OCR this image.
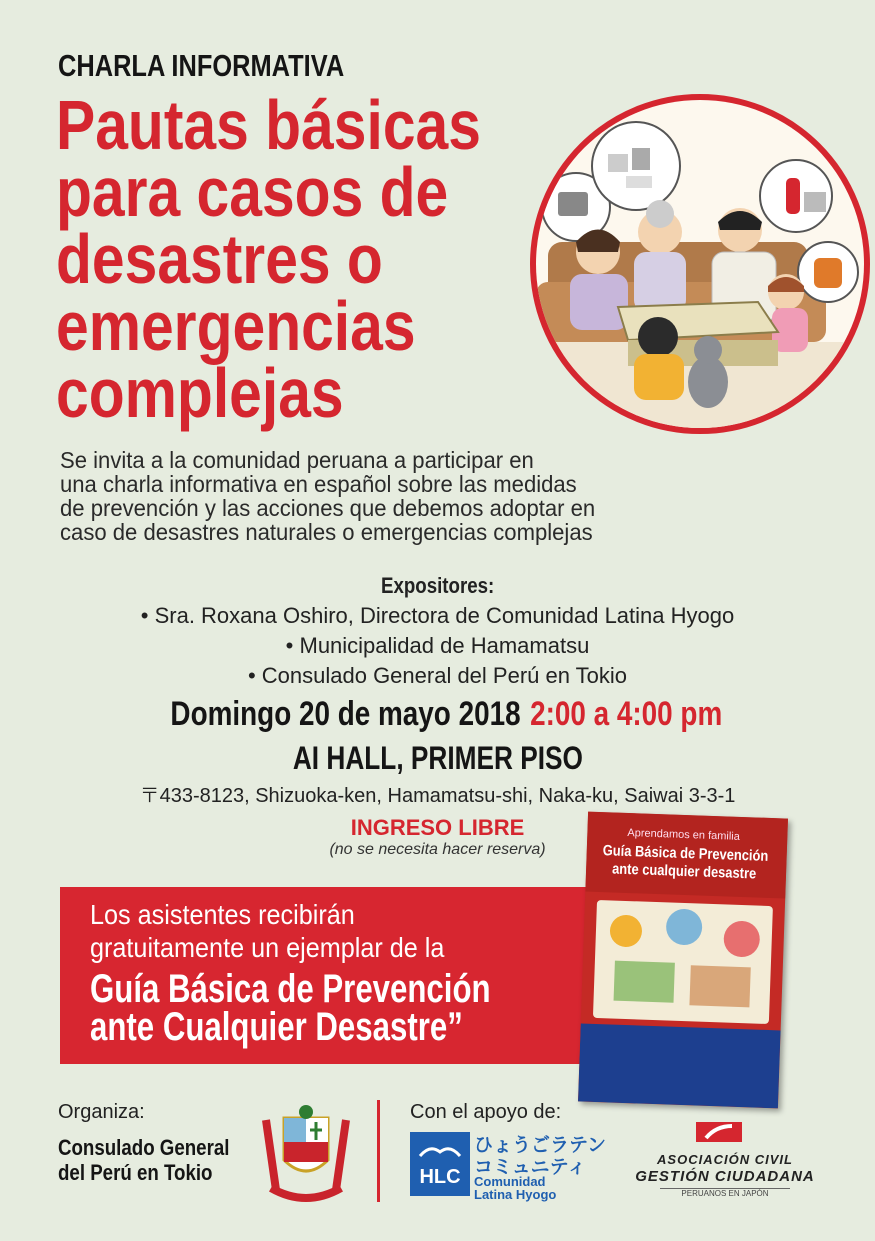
CHARLA INFORMATIVA
Pautas básicas
para casos de
desastres o
emergencias
complejas
Se invita a la comunidad peruana a participar en
una charla informativa en español sobre las medidas
de prevención y las acciones que debemos adoptar en
caso de desastres naturales o emergencias complejas
Expositores:
• Sra. Roxana Oshiro, Directora de Comunidad Latina Hyogo
• Municipalidad de Hamamatsu
• Consulado General del Perú en Tokio
Domingo 20 de mayo 2018 2:00 a 4:00 pm
AI HALL, PRIMER PISO
〒433-8123, Shizuoka-ken, Hamamatsu-shi, Naka-ku, Saiwai 3-3-1
INGRESO LIBRE
(no se necesita hacer reserva)
Los asistentes recibirán
gratuitamente un ejemplar de la
Guía Básica de Prevención
ante Cualquier Desastre”
Aprendamos en familia
Guía Básica de Prevención
ante cualquier desastre
Organiza:
Consulado General
del Perú en Tokio
Con el apoyo de:
HLC
ひょうごラテン
コミュニティ
Comunidad
Latina Hyogo
ASOCIACIÓN CIVIL
GESTIÓN CIUDADANA
PERUANOS EN JAPÓN
